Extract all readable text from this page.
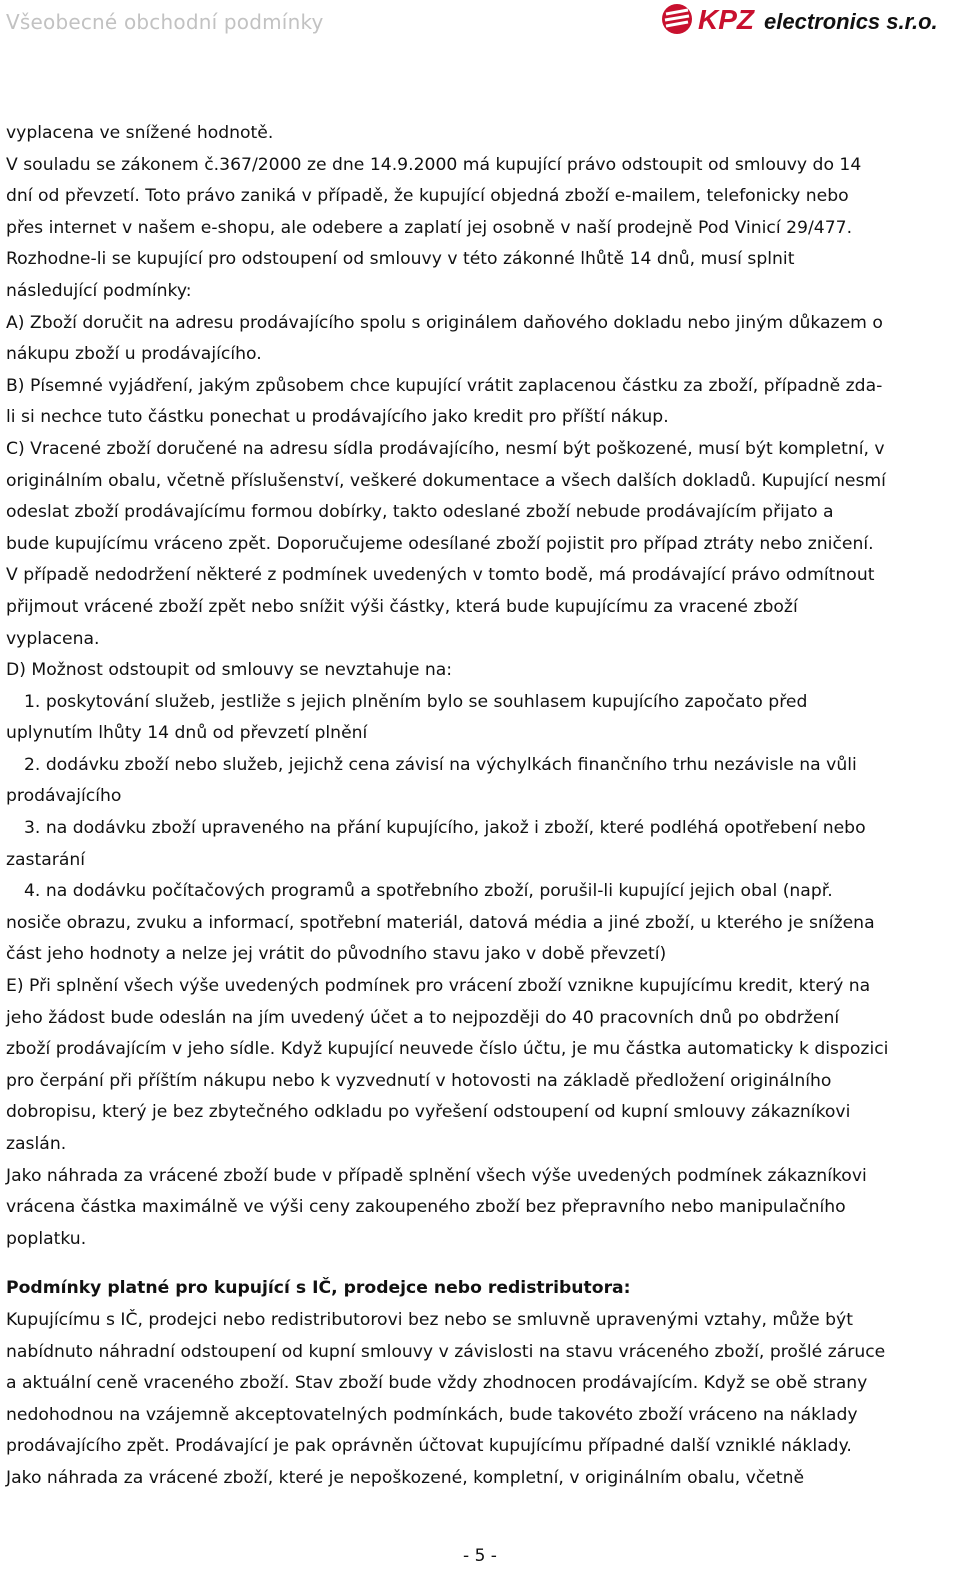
Všeobecné obchodní podmínky	KPZ electronics s.r.o.
vyplacena ve snížené hodnotě.
V souladu se zákonem č.367/2000 ze dne 14.9.2000 má kupující právo odstoupit od smlouvy do 14
dní od převzetí. Toto právo zaniká v případě, že kupující objedná zboží e-mailem, telefonicky nebo
přes internet v našem e-shopu, ale odebere a zaplatí jej osobně v naší prodejně Pod Vinicí 29/477.
Rozhodne-li se kupující pro odstoupení od smlouvy v této zákonné lhůtě 14 dnů, musí splnit
následující podmínky:
A) Zboží doručit na adresu prodávajícího spolu s originálem daňového dokladu nebo jiným důkazem o
nákupu zboží u prodávajícího.
B) Písemné vyjádření, jakým způsobem chce kupující vrátit zaplacenou částku za zboží, případně zda-
li si nechce tuto částku ponechat u prodávajícího jako kredit pro příští nákup.
C) Vracené zboží doručené na adresu sídla prodávajícího, nesmí být poškozené, musí být kompletní, v
originálním obalu, včetně příslušenství, veškeré dokumentace a všech dalších dokladů. Kupující nesmí
odeslat zboží prodávajícímu formou dobírky, takto odeslané zboží nebude prodávajícím přijato a
bude kupujícímu vráceno zpět. Doporučujeme odesílané zboží pojistit pro případ ztráty nebo zničení.
V případě nedodržení některé z podmínek uvedených v tomto bodě, má prodávající právo odmítnout
přijmout vrácené zboží zpět nebo snížit výši částky, která bude kupujícímu za vracené zboží
vyplacena.
D) Možnost odstoupit od smlouvy se nevztahuje na:
1. poskytování služeb, jestliže s jejich plněním bylo se souhlasem kupujícího započato před
uplynutím lhůty 14 dnů od převzetí plnění
2. dodávku zboží nebo služeb, jejichž cena závisí na výchylkách finančního trhu nezávisle na vůli
prodávajícího
3. na dodávku zboží upraveného na přání kupujícího, jakož i zboží, které podléhá opotřebení nebo
zastarání
4. na dodávku počítačových programů a spotřebního zboží, porušil-li kupující jejich obal (např.
nosiče obrazu, zvuku a informací, spotřební materiál, datová média a jiné zboží, u kterého je snížena
část jeho hodnoty a nelze jej vrátit do původního stavu jako v době převzetí)
E) Při splnění všech výše uvedených podmínek pro vrácení zboží vznikne kupujícímu kredit, který na
jeho žádost bude odeslán na jím uvedený účet a to nejpozději do 40 pracovních dnů po obdržení
zboží prodávajícím v jeho sídle. Když kupující neuvede číslo účtu, je mu částka automaticky k dispozici
pro čerpání při příštím nákupu nebo k vyzvednutí v hotovosti na základě předložení originálního
dobropisu, který je bez zbytečného odkladu po vyřešení odstoupení od kupní smlouvy zákazníkovi
zaslán.
Jako náhrada za vrácené zboží bude v případě splnění všech výše uvedených podmínek zákazníkovi
vrácena částka maximálně ve výši ceny zakoupeného zboží bez přepravního nebo manipulačního
poplatku.
Podmínky platné pro kupující s IČ, prodejce nebo redistributora:
Kupujícímu s IČ, prodejci nebo redistributorovi bez nebo se smluvně upravenými vztahy, může být
nabídnuto náhradní odstoupení od kupní smlouvy v závislosti na stavu vráceného zboží, prošlé záruce
a aktuální ceně vraceného zboží. Stav zboží bude vždy zhodnocen prodávajícím. Když se obě strany
nedohodnou na vzájemně akceptovatelných podmínkách, bude takovéto zboží vráceno na náklady
prodávajícího zpět. Prodávající je pak oprávněn účtovat kupujícímu případné další vzniklé náklady.
Jako náhrada za vrácené zboží, které je nepoškozené, kompletní, v originálním obalu, včetně
- 5 -
